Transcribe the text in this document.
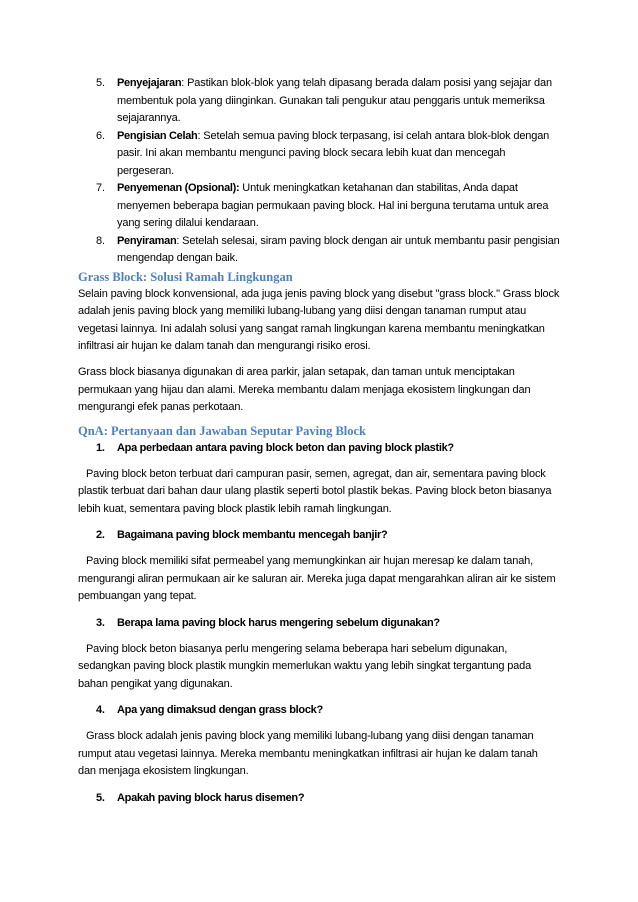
5. Penyejajaran: Pastikan blok-blok yang telah dipasang berada dalam posisi yang sejajar dan
membentuk pola yang diinginkan. Gunakan tali pengukur atau penggaris untuk memeriksa
sejajarannya.
6. Pengisian Celah: Setelah semua paving block terpasang, isi celah antara blok-blok dengan
pasir. Ini akan membantu mengunci paving block secara lebih kuat dan mencegah
pergeseran.
7. Penyemenan (Opsional): Untuk meningkatkan ketahanan dan stabilitas, Anda dapat
menyemen beberapa bagian permukaan paving block. Hal ini berguna terutama untuk area
yang sering dilalui kendaraan.
8. Penyiraman: Setelah selesai, siram paving block dengan air untuk membantu pasir pengisian
mengendap dengan baik.
Grass Block: Solusi Ramah Lingkungan
Selain paving block konvensional, ada juga jenis paving block yang disebut "grass block." Grass block
adalah jenis paving block yang memiliki lubang-lubang yang diisi dengan tanaman rumput atau
vegetasi lainnya. Ini adalah solusi yang sangat ramah lingkungan karena membantu meningkatkan
infiltrasi air hujan ke dalam tanah dan mengurangi risiko erosi.
Grass block biasanya digunakan di area parkir, jalan setapak, dan taman untuk menciptakan
permukaan yang hijau dan alami. Mereka membantu dalam menjaga ekosistem lingkungan dan
mengurangi efek panas perkotaan.
QnA: Pertanyaan dan Jawaban Seputar Paving Block
1. Apa perbedaan antara paving block beton dan paving block plastik?
Paving block beton terbuat dari campuran pasir, semen, agregat, dan air, sementara paving block
plastik terbuat dari bahan daur ulang plastik seperti botol plastik bekas. Paving block beton biasanya
lebih kuat, sementara paving block plastik lebih ramah lingkungan.
2. Bagaimana paving block membantu mencegah banjir?
Paving block memiliki sifat permeabel yang memungkinkan air hujan meresap ke dalam tanah,
mengurangi aliran permukaan air ke saluran air. Mereka juga dapat mengarahkan aliran air ke sistem
pembuangan yang tepat.
3. Berapa lama paving block harus mengering sebelum digunakan?
Paving block beton biasanya perlu mengering selama beberapa hari sebelum digunakan,
sedangkan paving block plastik mungkin memerlukan waktu yang lebih singkat tergantung pada
bahan pengikat yang digunakan.
4. Apa yang dimaksud dengan grass block?
Grass block adalah jenis paving block yang memiliki lubang-lubang yang diisi dengan tanaman
rumput atau vegetasi lainnya. Mereka membantu meningkatkan infiltrasi air hujan ke dalam tanah
dan menjaga ekosistem lingkungan.
5. Apakah paving block harus disemen?
